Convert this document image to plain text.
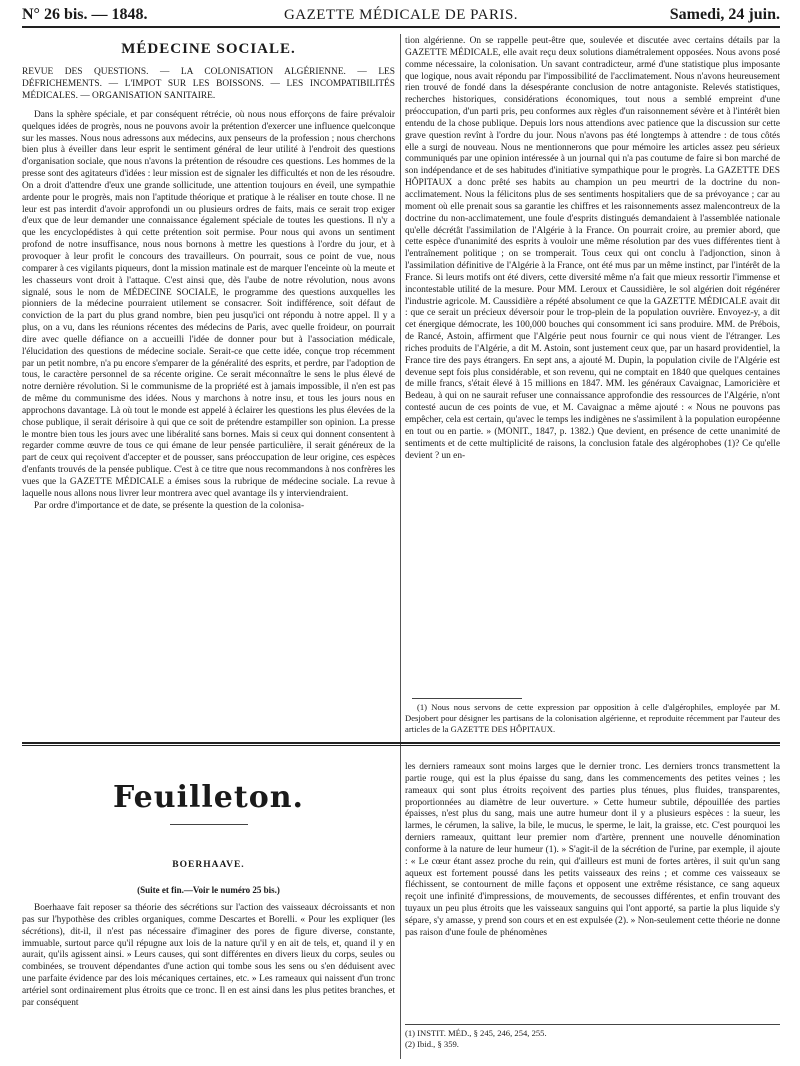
N° 26 bis. — 1848.	GAZETTE MÉDICALE DE PARIS.	Samedi, 24 juin.

MÉDECINE SOCIALE.

REVUE DES QUESTIONS. — LA COLONISATION ALGÉRIENNE. — LES DÉFRICHEMENTS. — L'IMPOT SUR LES BOISSONS. — LES INCOMPATIBILITÉS MÉDICALES. — ORGANISATION SANITAIRE.

Dans la sphère spéciale, et par conséquent rétrécie, où nous nous efforçons de faire prévaloir quelques idées de progrès, nous ne pouvons avoir la prétention d'exercer une influence quelconque sur les masses. Nous nous adressons aux médecins, aux penseurs de la profession ; nous cherchons bien plus à éveiller dans leur esprit le sentiment général de leur utilité à l'endroit des questions d'organisation sociale, que nous n'avons la prétention de résoudre ces questions. Les hommes de la presse sont des agitateurs d'idées : leur mission est de signaler les difficultés et non de les résoudre. On a droit d'attendre d'eux une grande sollicitude, une attention toujours en éveil, une sympathie ardente pour le progrès, mais non l'aptitude théorique et pratique à le réaliser en toute chose. Il ne leur est pas interdit d'avoir approfondi un ou plusieurs ordres de faits, mais ce serait trop exiger d'eux que de leur demander une connaissance également spéciale de toutes les questions. Il n'y a que les encyclopédistes à qui cette prétention soit permise. Pour nous qui avons un sentiment profond de notre insuffisance, nous nous bornons à mettre les questions à l'ordre du jour, et à provoquer à leur profit le concours des travailleurs. On pourrait, sous ce point de vue, nous comparer à ces vigilants piqueurs, dont la mission matinale est de marquer l'enceinte où la meute et les chasseurs vont droit à l'attaque. C'est ainsi que, dès l'aube de notre révolution, nous avons signalé, sous le nom de MÉDECINE SOCIALE, le programme des questions auxquelles les pionniers de la médecine pourraient utilement se consacrer. Soit indifférence, soit défaut de conviction de la part du plus grand nombre, bien peu jusqu'ici ont répondu à notre appel. Il y a plus, on a vu, dans les réunions récentes des médecins de Paris, avec quelle froideur, on pourrait dire avec quelle défiance on a accueilli l'idée de donner pour but à l'association médicale, l'élucidation des questions de médecine sociale. Serait-ce que cette idée, conçue trop récemment par un petit nombre, n'a pu encore s'emparer de la généralité des esprits, et perdre, par l'adoption de tous, le caractère personnel de sa récente origine. Ce serait méconnaître le sens le plus élevé de notre dernière révolution. Si le communisme de la propriété est à jamais impossible, il n'en est pas de même du communisme des idées. Nous y marchons à notre insu, et tous les jours nous en approchons davantage. Là où tout le monde est appelé à éclairer les questions les plus élevées de la chose publique, il serait dérisoire à qui que ce soit de prétendre estampiller son opinion. La presse le montre bien tous les jours avec une libéralité sans bornes. Mais si ceux qui donnent consentent à regarder comme œuvre de tous ce qui émane de leur pensée particulière, il serait généreux de la part de ceux qui reçoivent d'accepter et de pousser, sans préoccupation de leur origine, ces espèces d'enfants trouvés de la pensée publique. C'est à ce titre que nous recommandons à nos confrères les vues que la GAZETTE MÉDICALE a émises sous la rubrique de médecine sociale. La revue à laquelle nous allons nous livrer leur montrera avec quel avantage ils y interviendraient.

Par ordre d'importance et de date, se présente la question de la colonisa-

tion algérienne. On se rappelle peut-être que, soulevée et discutée avec certains détails par la GAZETTE MÉDICALE, elle avait reçu deux solutions diamétralement opposées. Nous avons posé comme nécessaire, la colonisation. Un savant contradicteur, armé d'une statistique plus imposante que logique, nous avait répondu par l'impossibilité de l'acclimatement. Nous n'avons heureusement rien trouvé de fondé dans la désespérante conclusion de notre antagoniste. Relevés statistiques, recherches historiques, considérations économiques, tout nous a semblé empreint d'une préoccupation, d'un parti pris, peu conformes aux règles d'un raisonnement sévère et à l'intérêt bien entendu de la chose publique. Depuis lors nous attendions avec patience que la discussion sur cette grave question revînt à l'ordre du jour. Nous n'avons pas été longtemps à attendre : de tous côtés elle a surgi de nouveau. Nous ne mentionnerons que pour mémoire les articles assez peu sérieux communiqués par une opinion intéressée à un journal qui n'a pas coutume de faire si bon marché de son indépendance et de ses habitudes d'initiative sympathique pour le progrès. La GAZETTE DES HÔPITAUX a donc prêté ses habits au champion un peu meurtri de la doctrine du non-acclimatement. Nous la félicitons plus de ses sentiments hospitaliers que de sa prévoyance ; car au moment où elle prenait sous sa garantie les chiffres et les raisonnements assez malencontreux de la doctrine du non-acclimatement, une foule d'esprits distingués demandaient à l'assemblée nationale qu'elle décrétât l'assimilation de l'Algérie à la France. On pourrait croire, au premier abord, que cette espèce d'unanimité des esprits à vouloir une même résolution par des vues différentes tient à l'entraînement politique ; on se tromperait. Tous ceux qui ont conclu à l'adjonction, sinon à l'assimilation définitive de l'Algérie à la France, ont été mus par un même instinct, par l'intérêt de la France. Si leurs motifs ont été divers, cette diversité même n'a fait que mieux ressortir l'immense et incontestable utilité de la mesure. Pour MM. Leroux et Caussidière, le sol algérien doit régénérer l'industrie agricole. M. Caussidière a répété absolument ce que la GAZETTE MÉDICALE avait dit : que ce serait un précieux déversoir pour le trop-plein de la population ouvrière. Envoyez-y, a dit cet énergique démocrate, les 100,000 bouches qui consomment ici sans produire. MM. de Prébois, de Rancé, Astoin, affirment que l'Algérie peut nous fournir ce qui nous vient de l'étranger. Les riches produits de l'Algérie, a dit M. Astoin, sont justement ceux que, par un hasard providentiel, la France tire des pays étrangers. En sept ans, a ajouté M. Dupin, la population civile de l'Algérie est devenue sept fois plus considérable, et son revenu, qui ne comptait en 1840 que quelques centaines de mille francs, s'était élevé à 15 millions en 1847. MM. les généraux Cavaignac, Lamoricière et Bedeau, à qui on ne saurait refuser une connaissance approfondie des ressources de l'Algérie, n'ont contesté aucun de ces points de vue, et M. Cavaignac a même ajouté : « Nous ne pouvons pas empêcher, cela est certain, qu'avec le temps les indigènes ne s'assimilent à la population européenne en tout ou en partie. » (MONIT., 1847, p. 1382.) Que devient, en présence de cette unanimité de sentiments et de cette multiplicité de raisons, la conclusion fatale des algérophobes (1)? Ce qu'elle devient ? un en-

(1) Nous nous servons de cette expression par opposition à celle d'algérophiles, employée par M. Desjobert pour désigner les partisans de la colonisation algérienne, et reproduite récemment par l'auteur des articles de la GAZETTE DES HÔPITAUX.

Feuilleton.
BOERHAAVE.
(Suite et fin.—Voir le numéro 25 bis.)

Boerhaave fait reposer sa théorie des sécrétions sur l'action des vaisseaux décroissants et non pas sur l'hypothèse des cribles organiques, comme Descartes et Borelli. « Pour les expliquer (les sécrétions), dit-il, il n'est pas nécessaire d'imaginer des pores de figure diverse, constante, immuable, surtout parce qu'il répugne aux lois de la nature qu'il y en ait de tels, et, quand il y en aurait, qu'ils agissent ainsi. » Leurs causes, qui sont différentes en divers lieux du corps, seules ou combinées, se trouvent dépendantes d'une action qui tombe sous les sens ou s'en déduisent avec une parfaite évidence par des lois mécaniques certaines, etc. » Les rameaux qui naissent d'un tronc artériel sont ordinairement plus étroits que ce tronc. Il en est ainsi dans les plus petites branches, et par conséquent

les derniers rameaux sont moins larges que le dernier tronc. Les derniers troncs transmettent la partie rouge, qui est la plus épaisse du sang, dans les commencements des petites veines ; les rameaux qui sont plus étroits reçoivent des parties plus ténues, plus fluides, transparentes, proportionnées au diamètre de leur ouverture. » Cette humeur subtile, dépouillée des parties épaisses, n'est plus du sang, mais une autre humeur dont il y a plusieurs espèces : la sueur, les larmes, le cérumen, la salive, la bile, le mucus, le sperme, le lait, la graisse, etc. C'est pourquoi les derniers rameaux, quittant leur premier nom d'artère, prennent une nouvelle dénomination conforme à la nature de leur humeur (1). » S'agit-il de la sécrétion de l'urine, par exemple, il ajoute : « Le cœur étant assez proche du rein, qui d'ailleurs est muni de fortes artères, il suit qu'un sang aqueux est fortement poussé dans les petits vaisseaux des reins ; et comme ces vaisseaux se fléchissent, se contournent de mille façons et opposent une extrême résistance, ce sang aqueux reçoit une infinité d'impressions, de mouvements, de secousses différentes, et enfin trouvant des tuyaux un peu plus étroits que les vaisseaux sanguins qui l'ont apporté, sa partie la plus liquide s'y sépare, s'y amasse, y prend son cours et en est expulsée (2). » Non-seulement cette théorie ne donne pas raison d'une foule de phénomènes

(1) INSTIT. MÉD., § 245, 246, 254, 255.
(2) Ibid., § 359.
